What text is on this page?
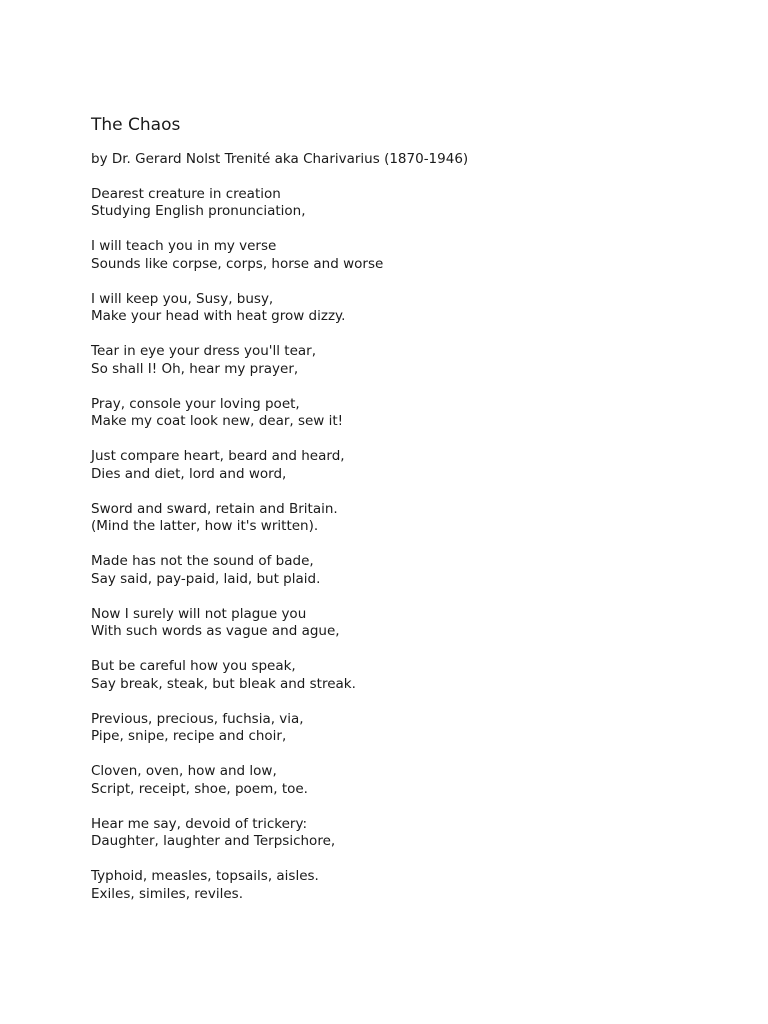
The Chaos
by Dr. Gerard Nolst Trenité aka Charivarius (1870-1946)
Dearest creature in creation
Studying English pronunciation,
I will teach you in my verse
Sounds like corpse, corps, horse and worse
I will keep you, Susy, busy,
Make your head with heat grow dizzy.
Tear in eye your dress you'll tear,
So shall I! Oh, hear my prayer,
Pray, console your loving poet,
Make my coat look new, dear, sew it!
Just compare heart, beard and heard,
Dies and diet, lord and word,
Sword and sward, retain and Britain.
(Mind the latter, how it's written).
Made has not the sound of bade,
Say said, pay-paid, laid, but plaid.
Now I surely will not plague you
With such words as vague and ague,
But be careful how you speak,
Say break, steak, but bleak and streak.
Previous, precious, fuchsia, via,
Pipe, snipe, recipe and choir,
Cloven, oven, how and low,
Script, receipt, shoe, poem, toe.
Hear me say, devoid of trickery:
Daughter, laughter and Terpsichore,
Typhoid, measles, topsails, aisles.
Exiles, similes, reviles.
